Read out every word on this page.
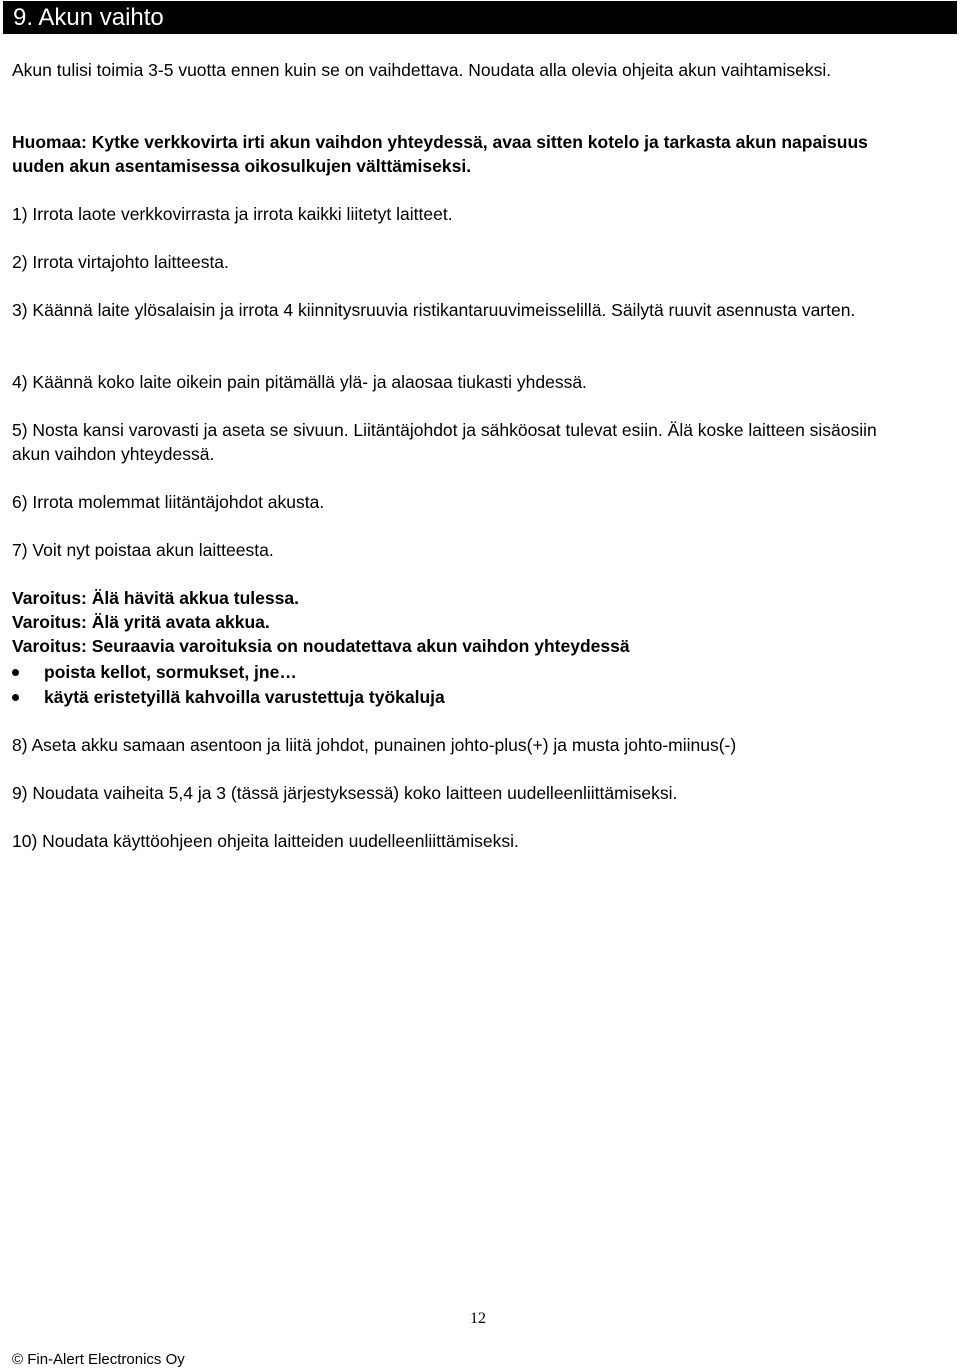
9. Akun vaihto

Akun tulisi toimia 3-5 vuotta ennen kuin se on vaihdettava. Noudata alla olevia ohjeita akun vaihtamiseksi.

Huomaa: Kytke verkkovirta irti akun vaihdon yhteydessä, avaa sitten kotelo ja tarkasta akun napaisuus uuden akun asentamisessa oikosulkujen välttämiseksi.

1) Irrota laote verkkovirrasta ja irrota kaikki liitetyt laitteet.

2) Irrota virtajohto laitteesta.

3) Käännä laite ylösalaisin ja irrota 4 kiinnitysruuvia ristikantaruuvimeisselillä. Säilytä ruuvit asennusta varten.

4) Käännä koko laite oikein pain pitämällä ylä- ja alaosaa tiukasti yhdessä.

5) Nosta kansi varovasti ja aseta se sivuun. Liitäntäjohdot ja sähköosat tulevat esiin. Älä koske laitteen sisäosiin akun vaihdon yhteydessä.

6) Irrota molemmat liitäntäjohdot akusta.

7) Voit nyt poistaa akun laitteesta.

Varoitus: Älä hävitä akkua tulessa.
Varoitus: Älä yritä avata akkua.
Varoitus: Seuraavia varoituksia on noudatettava akun vaihdon yhteydessä
poista kellot, sormukset, jne…
käytä eristetyillä kahvoilla varustettuja työkaluja

8) Aseta akku samaan asentoon ja liitä johdot, punainen johto-plus(+) ja musta johto-miinus(-)

9) Noudata vaiheita 5,4 ja 3 (tässä järjestyksessä) koko laitteen uudelleenliittämiseksi.

10) Noudata käyttöohjeen ohjeita laitteiden uudelleenliittämiseksi.

12
© Fin-Alert Electronics Oy
